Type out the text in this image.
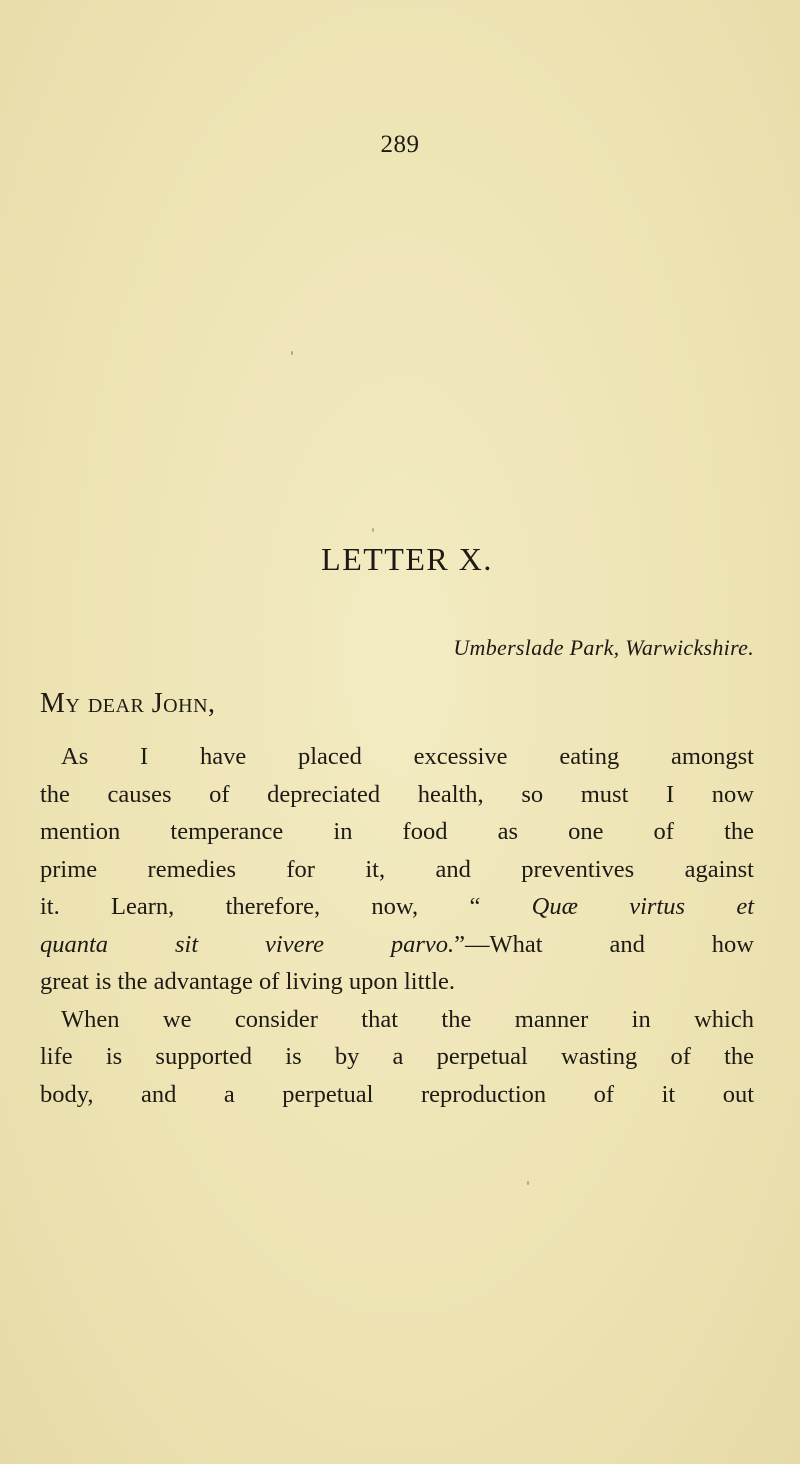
289
LETTER X.
Umberslade Park, Warwickshire.
My dear John,
As I have placed excessive eating amongst
the causes of depreciated health, so must I now
mention temperance in food as one of the
prime remedies for it, and preventives against
it. Learn, therefore, now, “ Quæ virtus et
quanta sit vivere parvo.”—What and how
great is the advantage of living upon little.
When we consider that the manner in which
life is supported is by a perpetual wasting of the
body, and a perpetual reproduction of it out
